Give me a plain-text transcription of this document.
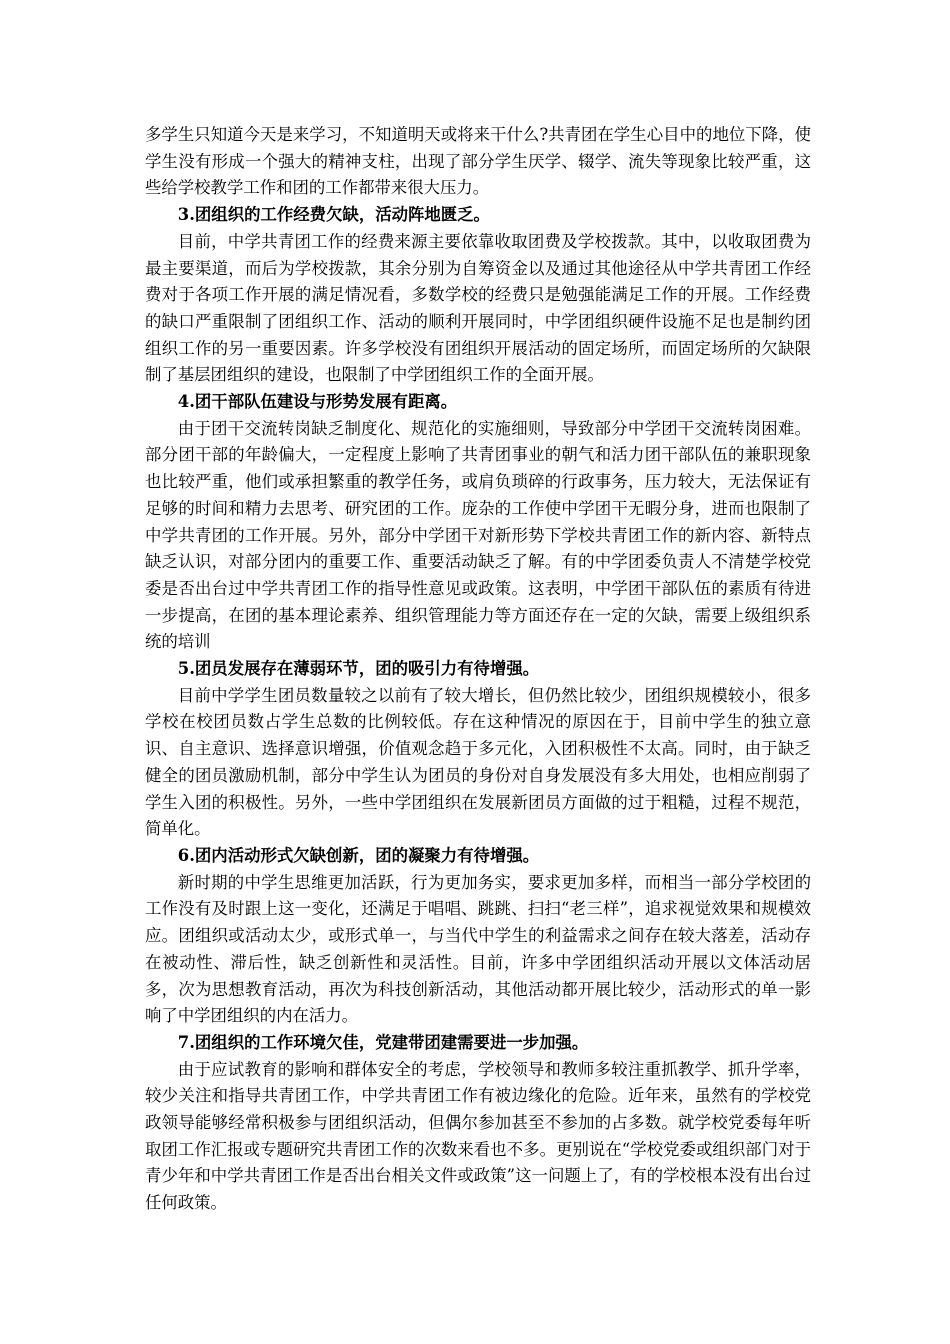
多学生只知道今天是来学习，不知道明天或将来干什么?共青团在学生心目中的地位下降，使学生没有形成一个强大的精神支柱，出现了部分学生厌学、辍学、流失等现象比较严重，这些给学校教学工作和团的工作都带来很大压力。

3.团组织的工作经费欠缺，活动阵地匮乏。

目前，中学共青团工作的经费来源主要依靠收取团费及学校拨款。其中，以收取团费为最主要渠道，而后为学校拨款，其余分别为自筹资金以及通过其他途径从中学共青团工作经费对于各项工作开展的满足情况看，多数学校的经费只是勉强能满足工作的开展。工作经费的缺口严重限制了团组织工作、活动的顺利开展同时，中学团组织硬件设施不足也是制约团组织工作的另一重要因素。许多学校没有团组织开展活动的固定场所，而固定场所的欠缺限制了基层团组织的建设，也限制了中学团组织工作的全面开展。

4.团干部队伍建设与形势发展有距离。

由于团干交流转岗缺乏制度化、规范化的实施细则，导致部分中学团干交流转岗困难。部分团干部的年龄偏大，一定程度上影响了共青团事业的朝气和活力团干部队伍的兼职现象也比较严重，他们或承担繁重的教学任务，或肩负琐碎的行政事务，压力较大，无法保证有足够的时间和精力去思考、研究团的工作。庞杂的工作使中学团干无暇分身，进而也限制了中学共青团的工作开展。另外，部分中学团干对新形势下学校共青团工作的新内容、新特点缺乏认识，对部分团内的重要工作、重要活动缺乏了解。有的中学团委负责人不清楚学校党委是否出台过中学共青团工作的指导性意见或政策。这表明，中学团干部队伍的素质有待进一步提高，在团的基本理论素养、组织管理能力等方面还存在一定的欠缺，需要上级组织系统的培训

5.团员发展存在薄弱环节，团的吸引力有待增强。

目前中学学生团员数量较之以前有了较大增长，但仍然比较少，团组织规模较小，很多学校在校团员数占学生总数的比例较低。存在这种情况的原因在于，目前中学生的独立意识、自主意识、选择意识增强，价值观念趋于多元化，入团积极性不太高。同时，由于缺乏健全的团员激励机制，部分中学生认为团员的身份对自身发展没有多大用处，也相应削弱了学生入团的积极性。另外，一些中学团组织在发展新团员方面做的过于粗糙，过程不规范，简单化。

6.团内活动形式欠缺创新，团的凝聚力有待增强。

新时期的中学生思维更加活跃，行为更加务实，要求更加多样，而相当一部分学校团的工作没有及时跟上这一变化，还满足于唱唱、跳跳、扫扫“老三样”，追求视觉效果和规模效应。团组织或活动太少，或形式单一，与当代中学生的利益需求之间存在较大落差，活动存在被动性、滞后性，缺乏创新性和灵活性。目前，许多中学团组织活动开展以文体活动居多，次为思想教育活动，再次为科技创新活动，其他活动都开展比较少，活动形式的单一影响了中学团组织的内在活力。

7.团组织的工作环境欠佳，党建带团建需要进一步加强。

由于应试教育的影响和群体安全的考虑，学校领导和教师多较注重抓教学、抓升学率，较少关注和指导共青团工作，中学共青团工作有被边缘化的危险。近年来，虽然有的学校党政领导能够经常积极参与团组织活动，但偶尔参加甚至不参加的占多数。就学校党委每年听取团工作汇报或专题研究共青团工作的次数来看也不多。更别说在“学校党委或组织部门对于青少年和中学共青团工作是否出台相关文件或政策”这一问题上了，有的学校根本没有出台过任何政策。
